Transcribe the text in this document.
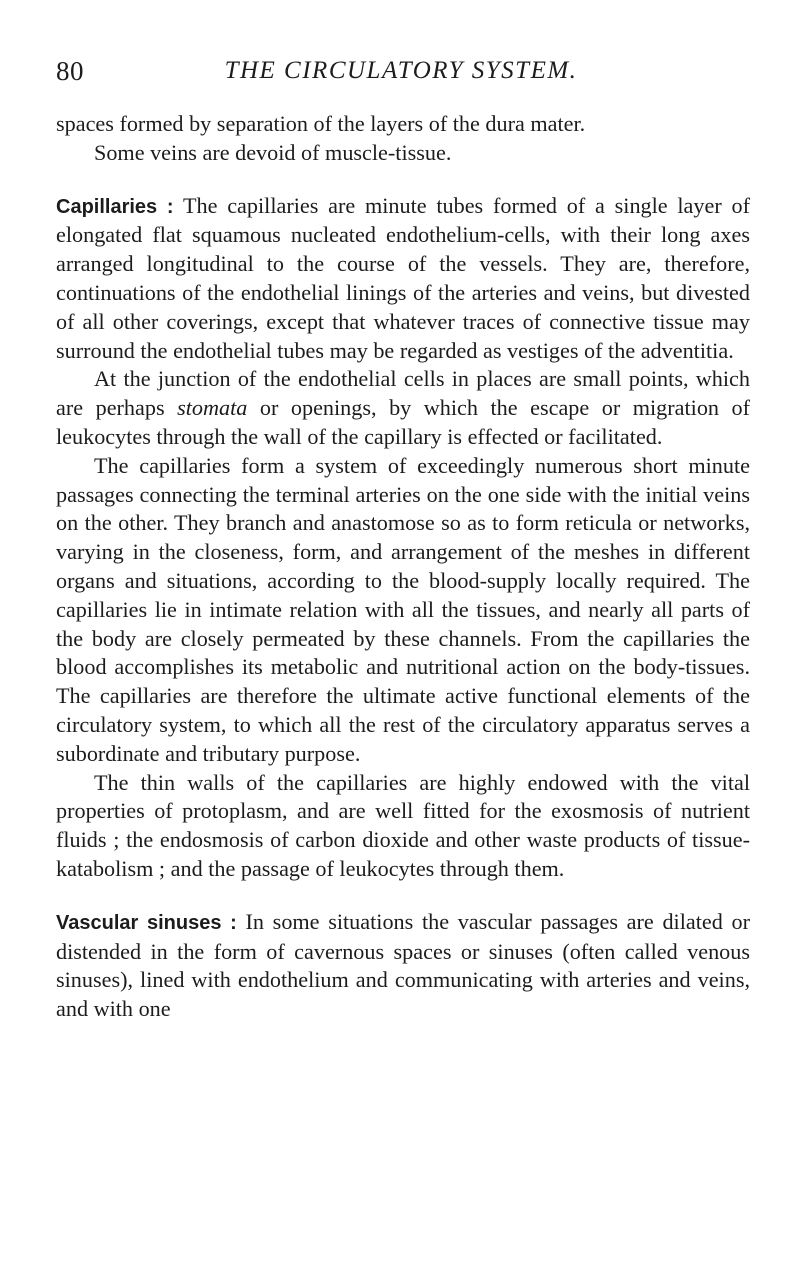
80	THE CIRCULATORY SYSTEM.

spaces formed by separation of the layers of the dura mater.

Some veins are devoid of muscle-tissue.

Capillaries : The capillaries are minute tubes formed of a single layer of elongated flat squamous nucleated endothelium-cells, with their long axes arranged longitudinal to the course of the vessels. They are, therefore, continuations of the endothelial linings of the arteries and veins, but divested of all other coverings, except that whatever traces of connective tissue may surround the endothelial tubes may be regarded as vestiges of the adventitia.

At the junction of the endothelial cells in places are small points, which are perhaps stomata or openings, by which the escape or migration of leukocytes through the wall of the capillary is effected or facilitated.

The capillaries form a system of exceedingly numerous short minute passages connecting the terminal arteries on the one side with the initial veins on the other. They branch and anastomose so as to form reticula or networks, varying in the closeness, form, and arrangement of the meshes in different organs and situations, according to the blood-supply locally required. The capillaries lie in intimate relation with all the tissues, and nearly all parts of the body are closely permeated by these channels. From the capillaries the blood accomplishes its metabolic and nutritional action on the body-tissues. The capillaries are therefore the ultimate active functional elements of the circulatory system, to which all the rest of the circulatory apparatus serves a subordinate and tributary purpose.

The thin walls of the capillaries are highly endowed with the vital properties of protoplasm, and are well fitted for the exosmosis of nutrient fluids ; the endosmosis of carbon dioxide and other waste products of tissue-katabolism ; and the passage of leukocytes through them.

Vascular sinuses : In some situations the vascular passages are dilated or distended in the form of cavernous spaces or sinuses (often called venous sinuses), lined with endothelium and communicating with arteries and veins, and with one
